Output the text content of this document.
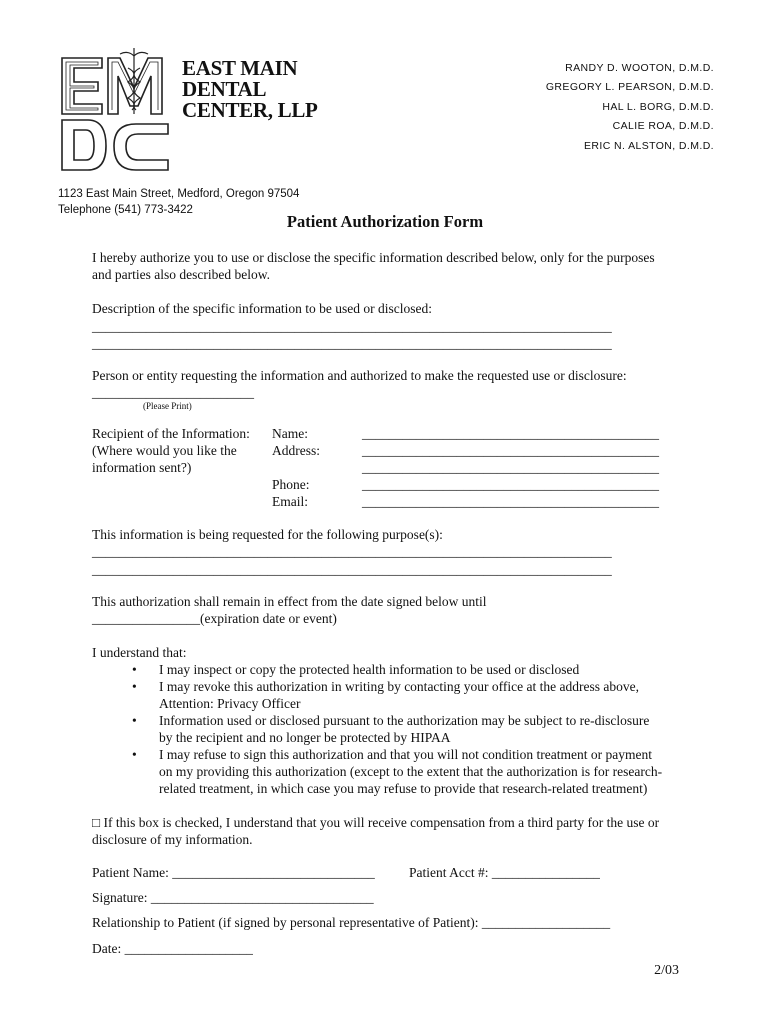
EAST MAIN
DENTAL
CENTER, LLP
RANDY D. WOOTON, D.M.D.
GREGORY L. PEARSON, D.M.D.
HAL L. BORG, D.M.D.
CALIE ROA, D.M.D.
ERIC N. ALSTON, D.M.D.
1123 East Main Street, Medford, Oregon 97504
Telephone (541) 773-3422
Patient Authorization Form
I hereby authorize you to use or disclose the specific information described below, only for the purposes
and parties also described below.
Description of the specific information to be used or disclosed:
_____________________________________________________________________________
_____________________________________________________________________________
Person or entity requesting the information and authorized to make the requested use or disclosure:
________________________
(Please Print)
Recipient of the Information:
(Where would you like the
information sent?)
Name:
Address:
Phone:
Email:
____________________________________________
____________________________________________
____________________________________________
____________________________________________
____________________________________________
This information is being requested for the following purpose(s):
_____________________________________________________________________________
_____________________________________________________________________________
This authorization shall remain in effect from the date signed below until
________________(expiration date or event)
I understand that:
• I may inspect or copy the protected health information to be used or disclosed
• I may revoke this authorization in writing by contacting your office at the address above,
Attention: Privacy Officer
• Information used or disclosed pursuant to the authorization may be subject to re-disclosure
by the recipient and no longer be protected by HIPAA
• I may refuse to sign this authorization and that you will not condition treatment or payment
on my providing this authorization (except to the extent that the authorization is for research-
related treatment, in which case you may refuse to provide that research-related treatment)
□ If this box is checked, I understand that you will receive compensation from a third party for the use or
disclosure of my information.
Patient Name: ______________________________	Patient Acct #: ________________
Signature: _________________________________
Relationship to Patient (if signed by personal representative of Patient): ___________________
Date: ___________________
2/03
